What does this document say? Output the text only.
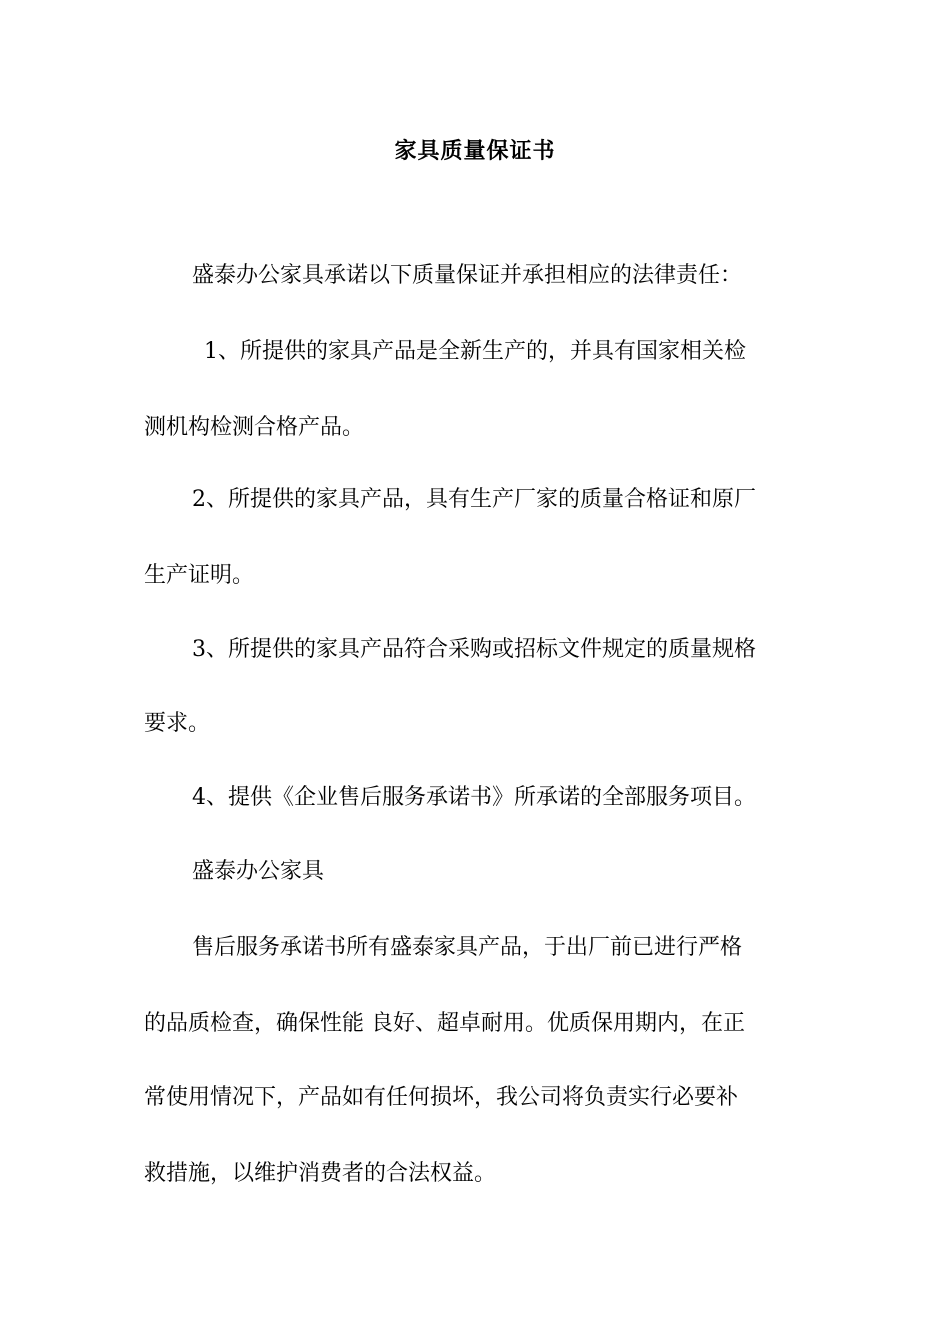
家具质量保证书
盛泰办公家具承诺以下质量保证并承担相应的法律责任：
1、所提供的家具产品是全新生产的，并具有国家相关检
测机构检测合格产品。
2、所提供的家具产品，具有生产厂家的质量合格证和原厂
生产证明。
3、所提供的家具产品符合采购或招标文件规定的质量规格
要求。
4、提供《企业售后服务承诺书》所承诺的全部服务项目。
盛泰办公家具
售后服务承诺书所有盛泰家具产品，于出厂前已进行严格
的品质检查，确保性能 良好、超卓耐用。优质保用期内，在正
常使用情况下，产品如有任何损坏，我公司将负责实行必要补
救措施，以维护消费者的合法权益。
